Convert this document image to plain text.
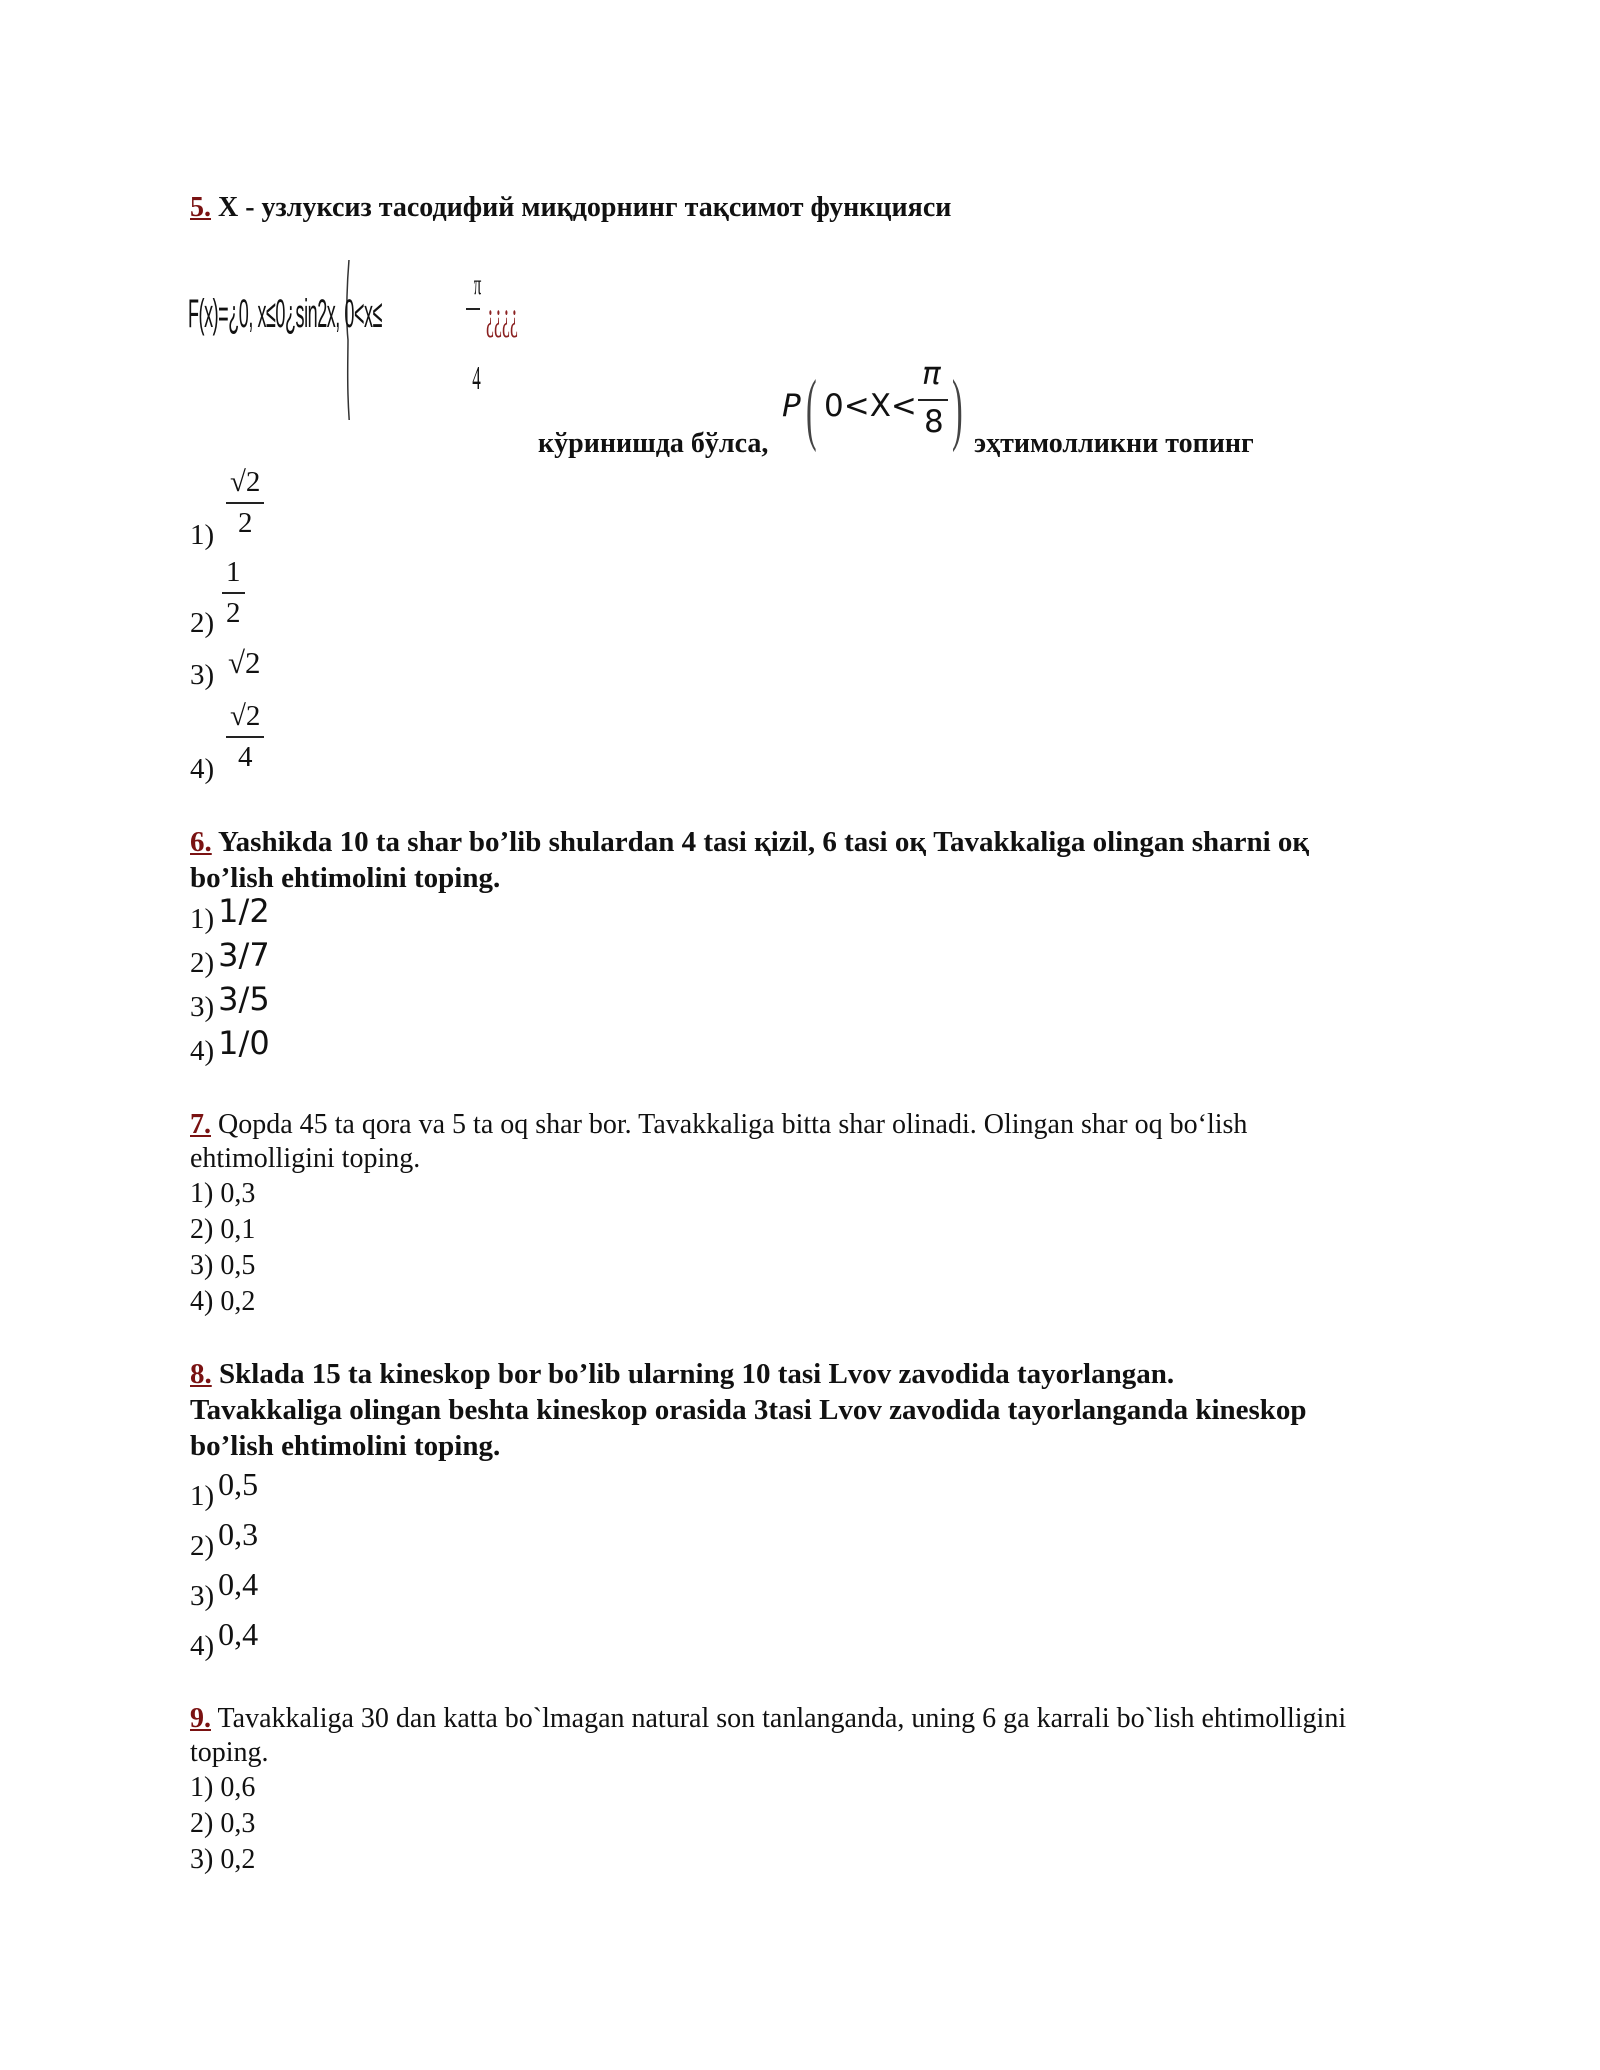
5. X - узлуксиз тасодифий миқдорнинг тақсимот функцияси
F(x)=¿0, x≤0¿sin2x, 0<x≤
π
4
¿¿¿¿
кўринишда бўлса,
P ( 0<X<
π
8 ) эҳтимолликни топинг
$1) \frac{√2}{2}$
$2) \frac{1}{2}$
3) √2
$4) \frac{√2}{4}$
6. Yashikda 10 ta shar bo’lib shulardan 4 tasi қizil, 6 tasi оқ Tavakkaliga olingan sharni оқ
bo’lish ehtimolini toping.
1) 1/2
2) 3/7
3) 3/5
4) 1/0
7. Qopda 45 ta qora va 5 ta oq shar bor. Tavakkaliga bitta shar olinadi. Olingan shar oq bo‘lish
ehtimolligini toping.
1) 0,3
2) 0,1
3) 0,5
4) 0,2
8. Sklada 15 ta kineskop bor bo’lib ularning 10 tasi Lvov zavodida tayorlangan.
Tavakkaliga olingan beshta kineskop orasida 3tasi Lvov zavodida tayorlanganda kineskop
bo’lish ehtimolini toping.
1) 0,5
2) 0,3
3) 0,4
4) 0,4
9. Tavakkaliga 30 dan katta bo`lmagan natural son tanlanganda, uning 6 ga karrali bo`lish ehtimolligini
toping.
1) 0,6
2) 0,3
3) 0,2
